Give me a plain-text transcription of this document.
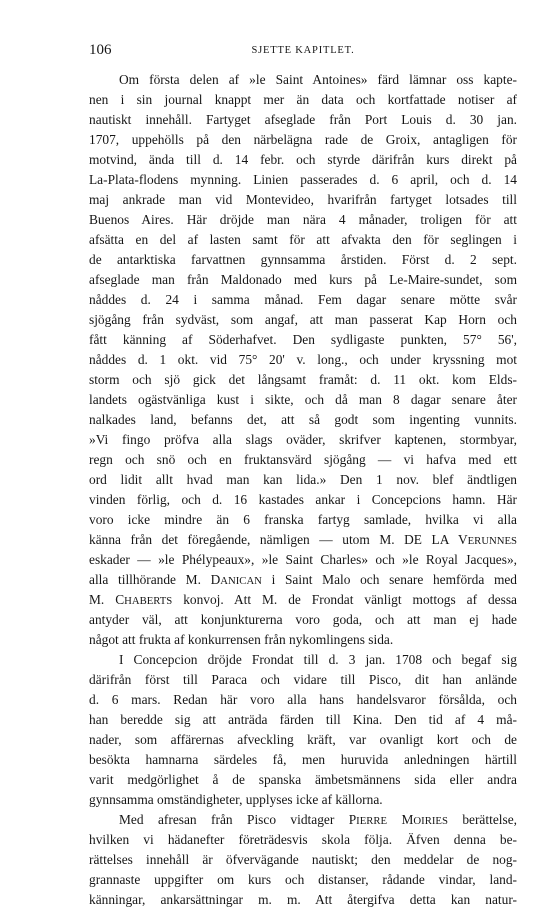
106	SJETTE KAPITLET.
Om första delen af »le Saint Antoines» färd lämnar oss kapte-
nen i sin journal knappt mer än data och kortfattade notiser af
nautiskt innehåll. Fartyget afseglade från Port Louis d. 30 jan.
1707, uppehölls på den närbelägna rade de Groix, antagligen för
motvind, ända till d. 14 febr. och styrde därifrån kurs direkt på
La-Plata-flodens mynning. Linien passerades d. 6 april, och d. 14
maj ankrade man vid Montevideo, hvarifrån fartyget lotsades till
Buenos Aires. Här dröjde man nära 4 månader, troligen för att
afsätta en del af lasten samt för att afvakta den för seglingen i
de antarktiska farvattnen gynnsamma årstiden. Först d. 2 sept.
afseglade man från Maldonado med kurs på Le-Maire-sundet, som
nåddes d. 24 i samma månad. Fem dagar senare mötte svår
sjögång från sydväst, som angaf, att man passerat Kap Horn och
fått känning af Söderhafvet. Den sydligaste punkten, 57° 56',
nåddes d. 1 okt. vid 75° 20' v. long., och under kryssning mot
storm och sjö gick det långsamt framåt: d. 11 okt. kom Elds-
landets ogästvänliga kust i sikte, och då man 8 dagar senare åter
nalkades land, befanns det, att så godt som ingenting vunnits.
»Vi fingo pröfva alla slags oväder, skrifver kaptenen, stormbyar,
regn och snö och en fruktansvärd sjögång — vi hafva med ett
ord lidit allt hvad man kan lida.» Den 1 nov. blef ändtligen
vinden förlig, och d. 16 kastades ankar i Concepcions hamn. Här
voro icke mindre än 6 franska fartyg samlade, hvilka vi alla
känna från det föregående, nämligen — utom M. DE LA VERUNNES
eskader — »le Phélypeaux», »le Saint Charles» och »le Royal Jacques»,
alla tillhörande M. DANICAN i Saint Malo och senare hemförda med
M. CHABERTS konvoj. Att M. de Frondat vänligt mottogs af dessa
antyder väl, att konjunkturerna voro goda, och att man ej hade
något att frukta af konkurrensen från nykomlingens sida.
I Concepcion dröjde Frondat till d. 3 jan. 1708 och begaf sig
därifrån först till Paraca och vidare till Pisco, dit han anlände
d. 6 mars. Redan här voro alla hans handelsvaror försålda, och
han beredde sig att anträda färden till Kina. Den tid af 4 må-
nader, som affärernas afveckling kräft, var ovanligt kort och de
besökta hamnarna särdeles få, men huruvida anledningen härtill
varit medgörlighet å de spanska ämbetsmännens sida eller andra
gynnsamma omständigheter, upplyses icke af källorna.
Med afresan från Pisco vidtager PIERRE MOIRIES berättelse,
hvilken vi hädanefter företrädesvis skola följa. Äfven denna be-
rättelses innehåll är öfvervägande nautiskt; den meddelar de nog-
grannaste uppgifter om kurs och distanser, rådande vindar, land-
känningar, ankarsättningar m. m. Att återgifva detta kan natur-
